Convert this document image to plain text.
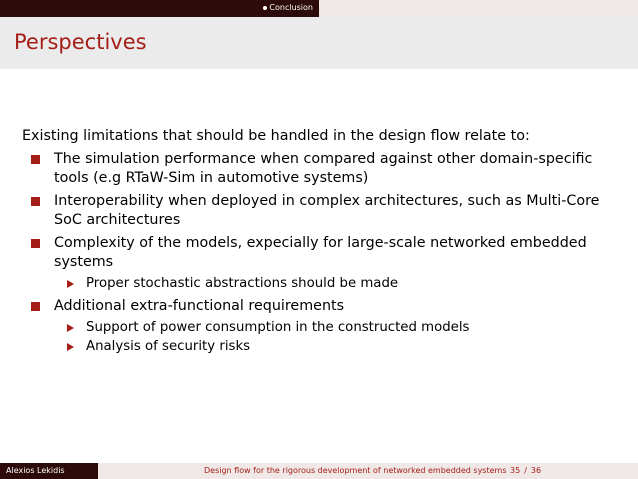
Conclusion
Perspectives
Existing limitations that should be handled in the design flow relate to:
The simulation performance when compared against other domain-specific tools (e.g RTaW-Sim in automotive systems)
Interoperability when deployed in complex architectures, such as Multi-Core SoC architectures
Complexity of the models, expecially for large-scale networked embedded systems
Proper stochastic abstractions should be made
Additional extra-functional requirements
Support of power consumption in the constructed models
Analysis of security risks
Alexios Lekidis	Design flow for the rigorous development of networked embedded systems 35 / 36
